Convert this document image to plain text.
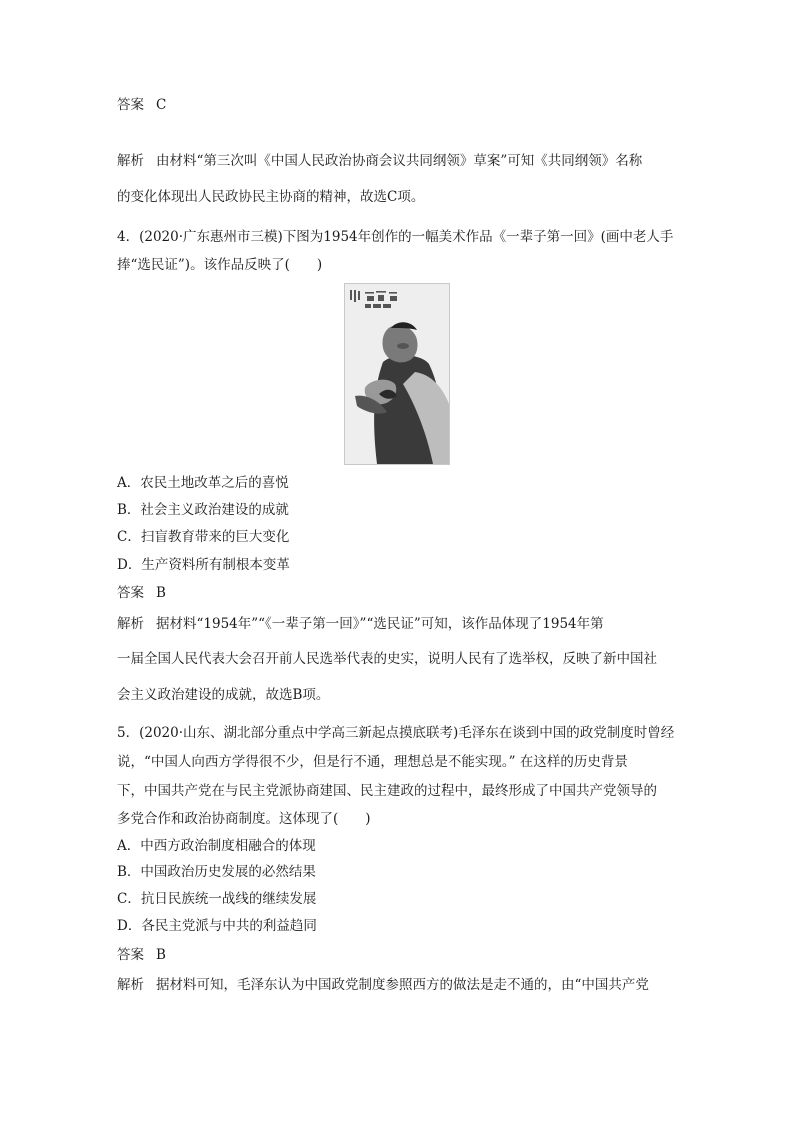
答案 C
解析 由材料“第三次叫《中国人民政治协商会议共同纲领》草案”可知《共同纲领》名称
的变化体现出人民政协民主协商的精神，故选C项。
4．(2020·广东惠州市三模)下图为1954年创作的一幅美术作品《一辈子第一回》(画中老人手
捧“选民证”)。该作品反映了(　　)
A．农民土地改革之后的喜悦
B．社会主义政治建设的成就
C．扫盲教育带来的巨大变化
D．生产资料所有制根本变革
答案 B
解析 据材料“1954年”“《一辈子第一回》”“选民证”可知，该作品体现了1954年第
一届全国人民代表大会召开前人民选举代表的史实，说明人民有了选举权，反映了新中国社
会主义政治建设的成就，故选B项。
5．(2020·山东、湖北部分重点中学高三新起点摸底联考)毛泽东在谈到中国的政党制度时曾经
说，“中国人向西方学得很不少，但是行不通，理想总是不能实现。” 在这样的历史背景
下，中国共产党在与民主党派协商建国、民主建政的过程中，最终形成了中国共产党领导的
多党合作和政治协商制度。这体现了(　　)
A．中西方政治制度相融合的体现
B．中国政治历史发展的必然结果
C．抗日民族统一战线的继续发展
D．各民主党派与中共的利益趋同
答案 B
解析 据材料可知，毛泽东认为中国政党制度参照西方的做法是走不通的，由“中国共产党
